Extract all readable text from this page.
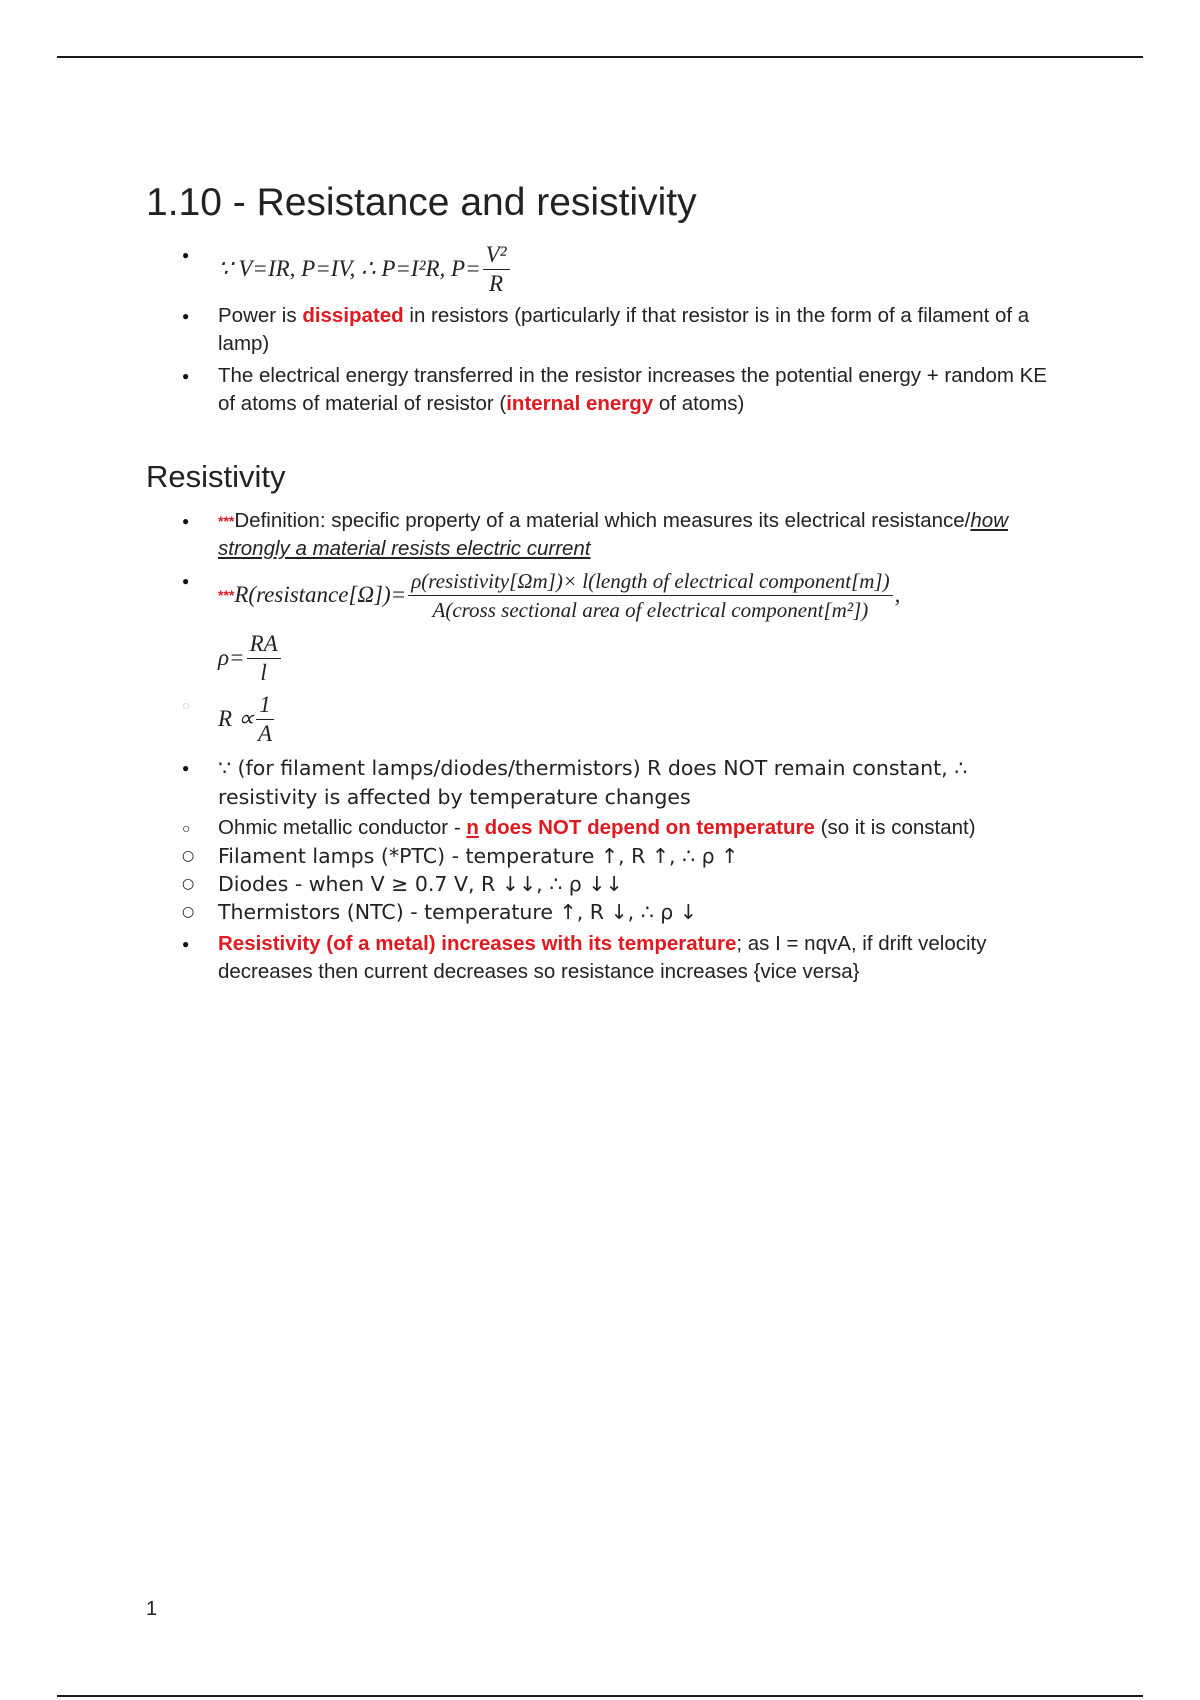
1.10 - Resistance and resistivity
● ∵ V=IR, P=IV, ∴ P=I²R, $P= \frac{\text{V²}}{R}$
● Power is dissipated in resistors (particularly if that resistor is in the form of a filament of a lamp)
● The electrical energy transferred in the resistor increases the potential energy + random KE of atoms of material of resistor (internal energy of atoms)
Resistivity
● ***Definition: specific property of a material which measures its electrical resistance/how strongly a material resists electric current
● *** R(resistance[Ω])= $\frac{\text{ρ(resistivity[Ωm])× l(length of electrical component[m])}}{\text{A(cross sectional area of electrical component[m²])}}$ ,
$\rho= \frac{RA}{l}$
○ $R \propto \frac{1}{A}$
● ∵ (for filament lamps/diodes/thermistors) R does NOT remain constant, ∴ resistivity is affected by temperature changes
○ Ohmic metallic conductor - n does NOT depend on temperature (so it is constant)
○ Filament lamps (*PTC) - temperature ↑, R ↑, ∴ ρ ↑
○ Diodes - when V ≥ 0.7 V, R ↓↓, ∴ ρ ↓↓
○ Thermistors (NTC) - temperature ↑, R ↓, ∴ ρ ↓
● Resistivity (of a metal) increases with its temperature; as I = nqvA, if drift velocity decreases then current decreases so resistance increases {vice versa}
1
